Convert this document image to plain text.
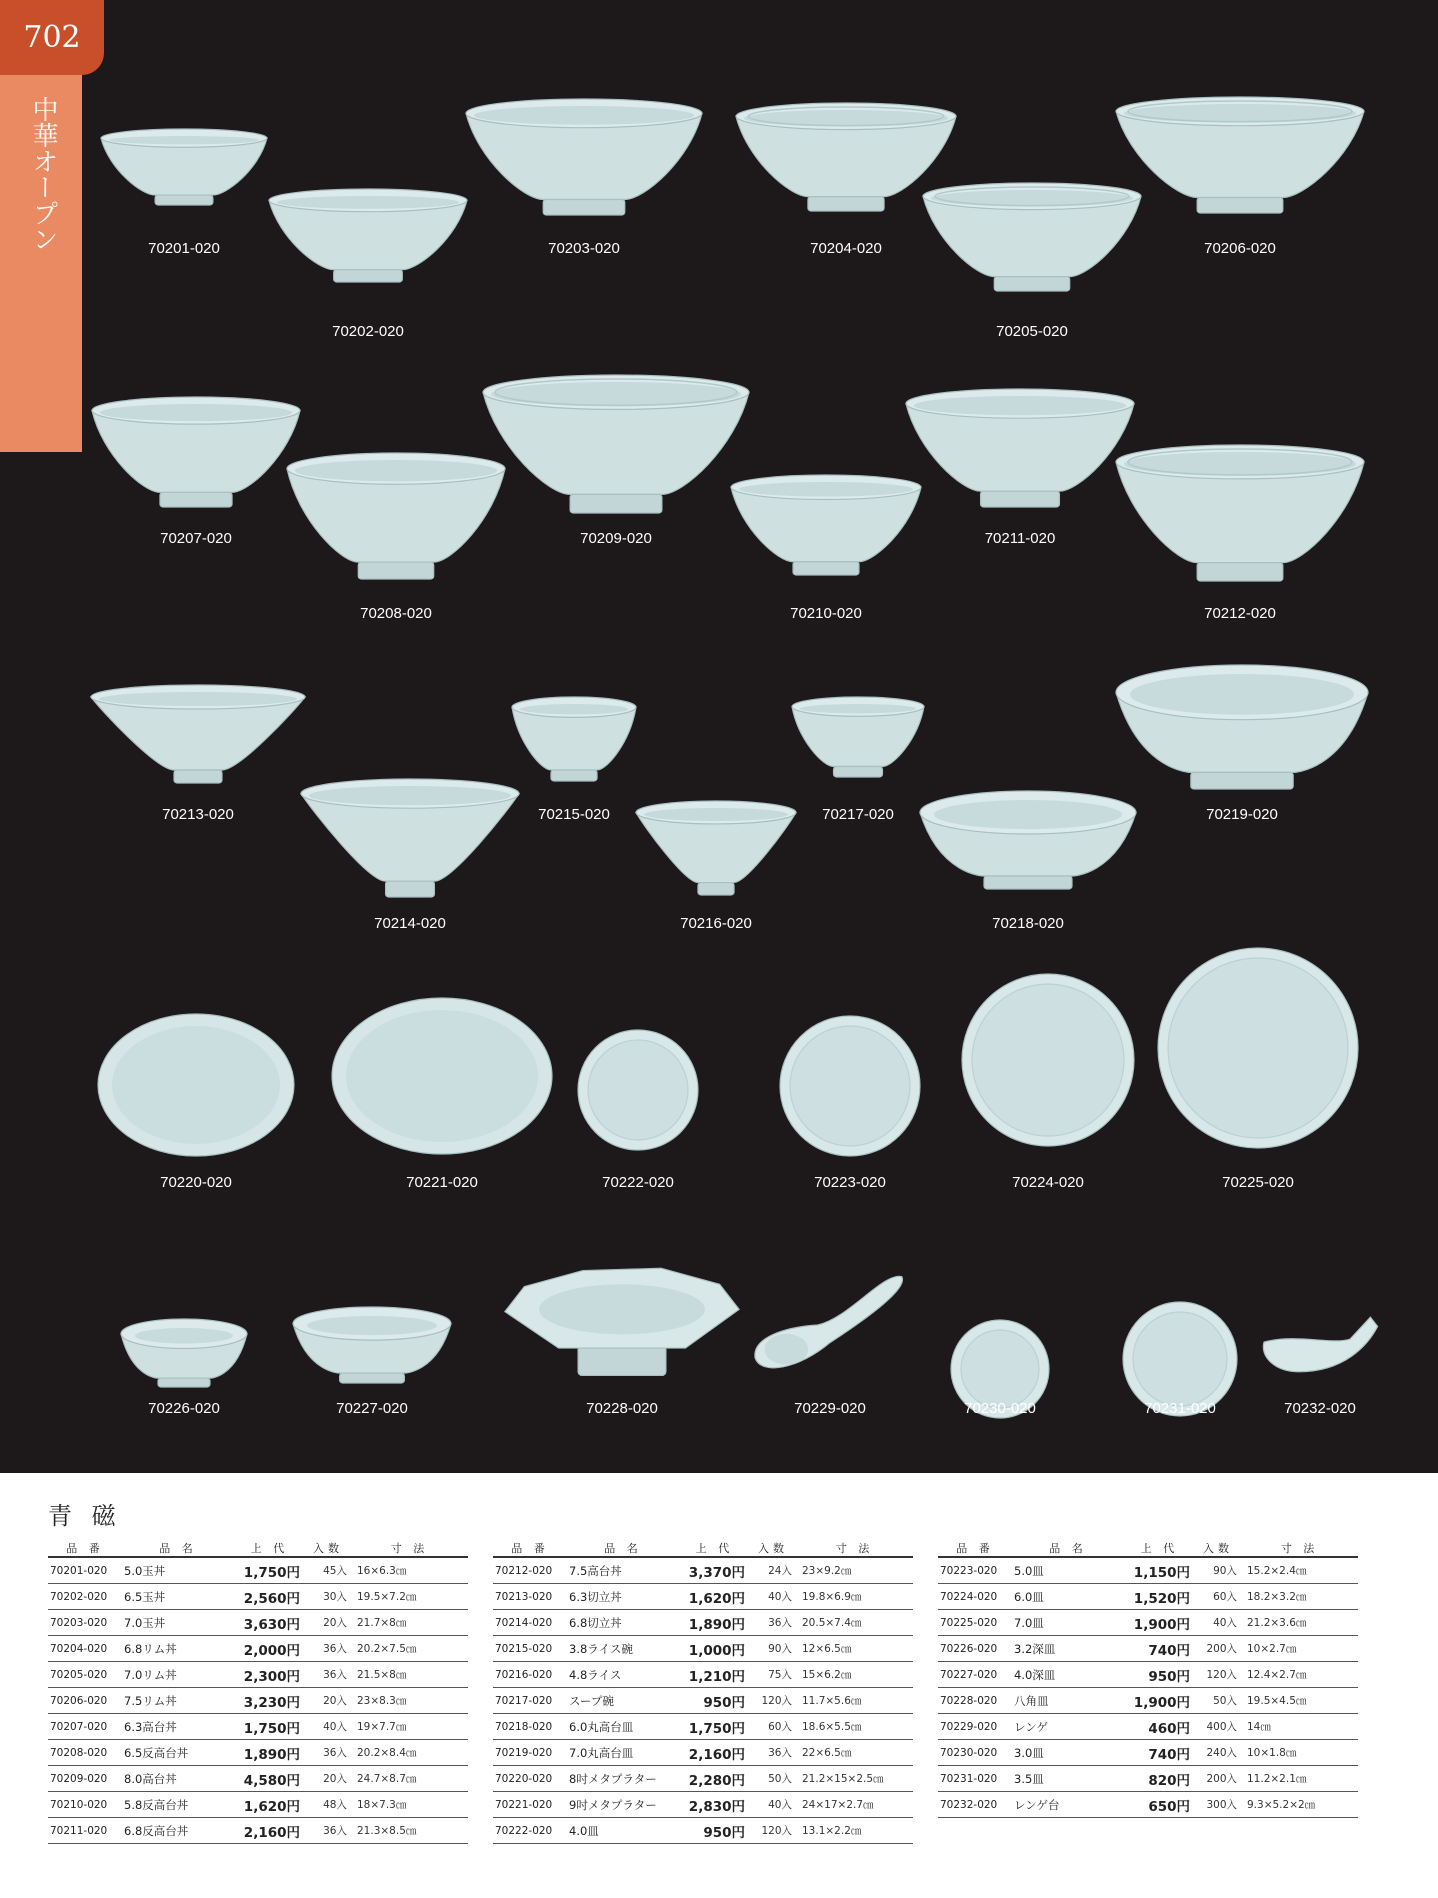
702
中華オープン	70201-020
70202-020
70203-020	70204-020
70205-020
70206-020
70207-020
70208-020
70209-020
70210-020
70211-020
70212-020
70213-020
70214-020
70215-020
70216-020
70217-020
70218-020
70219-020
70220-020	70221-020	70222-020	70223-020	70224-020	70225-020
70226-020	70227-020	70228-020	70229-020	70230-020	70231-020	70232-020
青 磁
品 番	品 名	上 代	入数	寸 法
70201-020	5.0玉丼	1,750円	45入	16×6.3㎝
70202-020	6.5玉丼	2,560円	30入	19.5×7.2㎝
70203-020	7.0玉丼	3,630円	20入	21.7×8㎝
70204-020	6.8リム丼	2,000円	36入	20.2×7.5㎝
70205-020	7.0リム丼	2,300円	36入	21.5×8㎝
70206-020	7.5リム丼	3,230円	20入	23×8.3㎝
70207-020	6.3高台丼	1,750円	40入	19×7.7㎝
70208-020	6.5反高台丼	1,890円	36入	20.2×8.4㎝
70209-020	8.0高台丼	4,580円	20入	24.7×8.7㎝
70210-020	5.8反高台丼	1,620円	48入	18×7.3㎝
70211-020	6.8反高台丼	2,160円	36入	21.3×8.5㎝
品 番	品 名	上 代	入数	寸 法
70212-020	7.5高台丼	3,370円	24入	23×9.2㎝
70213-020	6.3切立丼	1,620円	40入	19.8×6.9㎝
70214-020	6.8切立丼	1,890円	36入	20.5×7.4㎝
70215-020	3.8ライス碗	1,000円	90入	12×6.5㎝
70216-020	4.8ライス	1,210円	75入	15×6.2㎝
70217-020	スープ碗	950円	120入	11.7×5.6㎝
70218-020	6.0丸高台皿	1,750円	60入	18.6×5.5㎝
70219-020	7.0丸高台皿	2,160円	36入	22×6.5㎝
70220-020	8吋メタプラター	2,280円	50入	21.2×15×2.5㎝
70221-020	9吋メタプラター	2,830円	40入	24×17×2.7㎝
70222-020	4.0皿	950円	120入	13.1×2.2㎝
品 番	品 名	上 代	入数	寸 法
70223-020	5.0皿	1,150円	90入	15.2×2.4㎝
70224-020	6.0皿	1,520円	60入	18.2×3.2㎝
70225-020	7.0皿	1,900円	40入	21.2×3.6㎝
70226-020	3.2深皿	740円	200入	10×2.7㎝
70227-020	4.0深皿	950円	120入	12.4×2.7㎝
70228-020	八角皿	1,900円	50入	19.5×4.5㎝
70229-020	レンゲ	460円	400入	14㎝
70230-020	3.0皿	740円	240入	10×1.8㎝
70231-020	3.5皿	820円	200入	11.2×2.1㎝
70232-020	レンゲ台	650円	300入	9.3×5.2×2㎝
